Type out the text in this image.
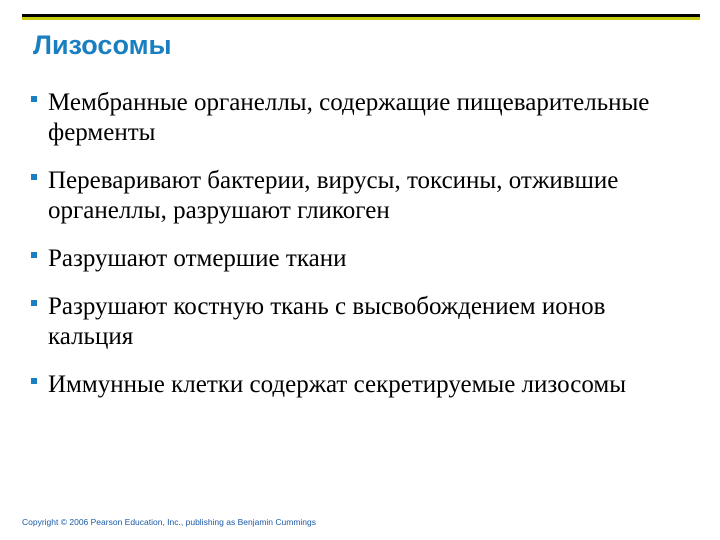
Лизосомы
Мембранные органеллы, содержащие пищеварительные ферменты
Переваривают бактерии, вирусы, токсины, отжившие органеллы, разрушают гликоген
Разрушают отмершие ткани
Разрушают костную ткань с высвобождением ионов кальция
Иммунные клетки содержат секретируемые лизосомы

Copyright © 2006 Pearson Education, Inc., publishing as Benjamin Cummings
